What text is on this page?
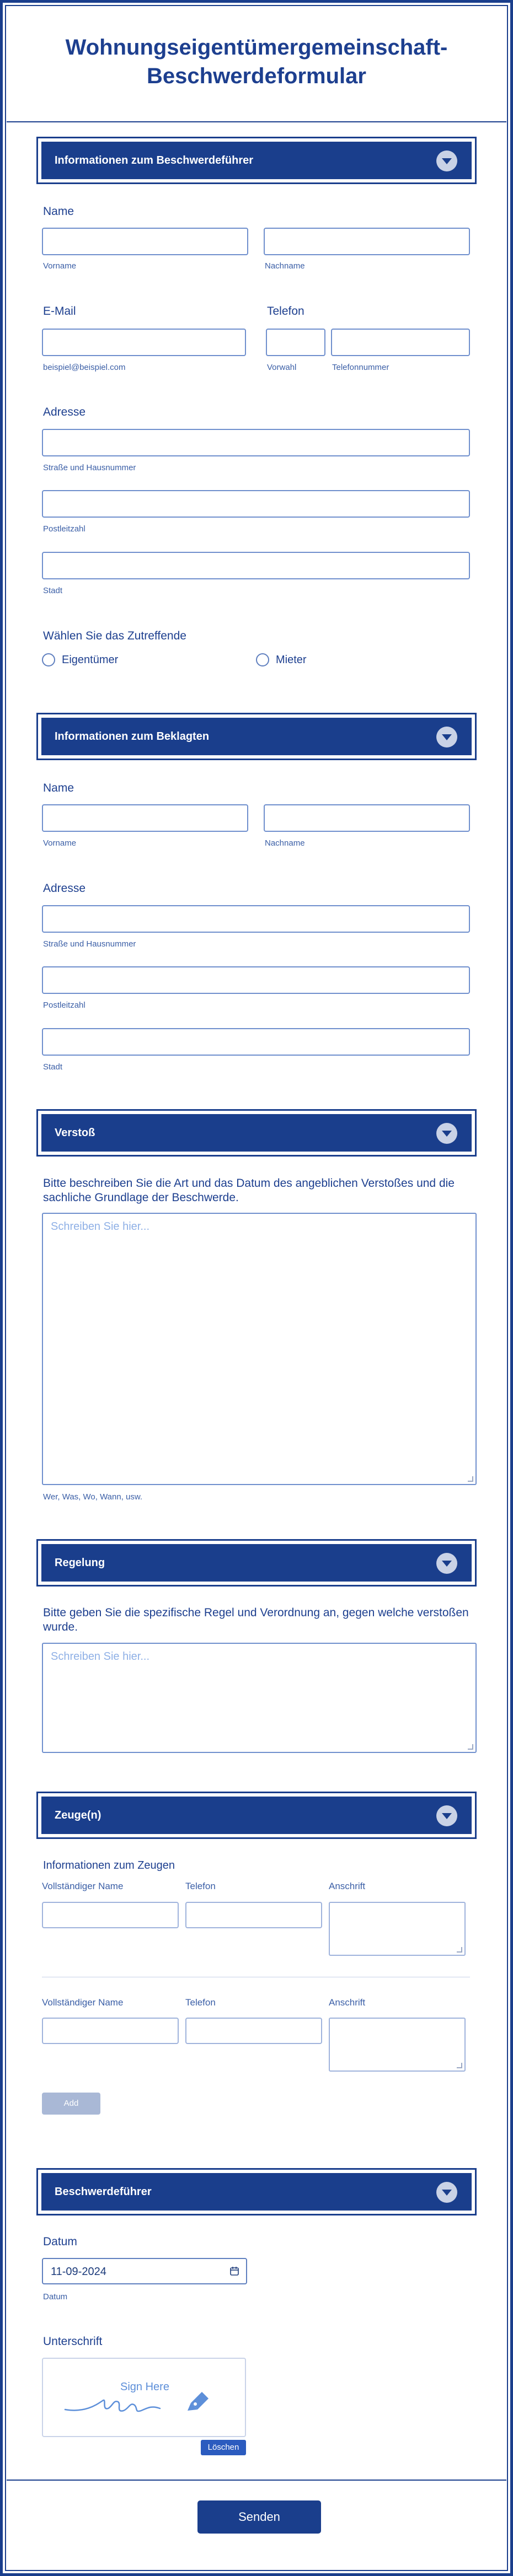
Wohnungseigentümergemeinschaft- Beschwerdeformular
Informationen zum Beschwerdeführer
Name
Vorname	Nachname
E-Mail	Telefon
beispiel@beispiel.com	Vorwahl	Telefonnummer
Adresse
Straße und Hausnummer
Postleitzahl
Stadt
Wählen Sie das Zutreffende
Eigentümer	Mieter
Informationen zum Beklagten
Name
Vorname	Nachname
Adresse
Straße und Hausnummer
Postleitzahl
Stadt
Verstoß
Bitte beschreiben Sie die Art und das Datum des angeblichen Verstoßes und die sachliche Grundlage der Beschwerde.
Schreiben Sie hier...
Wer, Was, Wo, Wann, usw.
Regelung
Bitte geben Sie die spezifische Regel und Verordnung an, gegen welche verstoßen wurde.
Schreiben Sie hier...
Zeuge(n)
Informationen zum Zeugen
Vollständiger Name	Telefon	Anschrift
Vollständiger Name	Telefon	Anschrift
Add
Beschwerdeführer
Datum
11-09-2024
Datum
Unterschrift
Sign Here
Löschen
Senden
